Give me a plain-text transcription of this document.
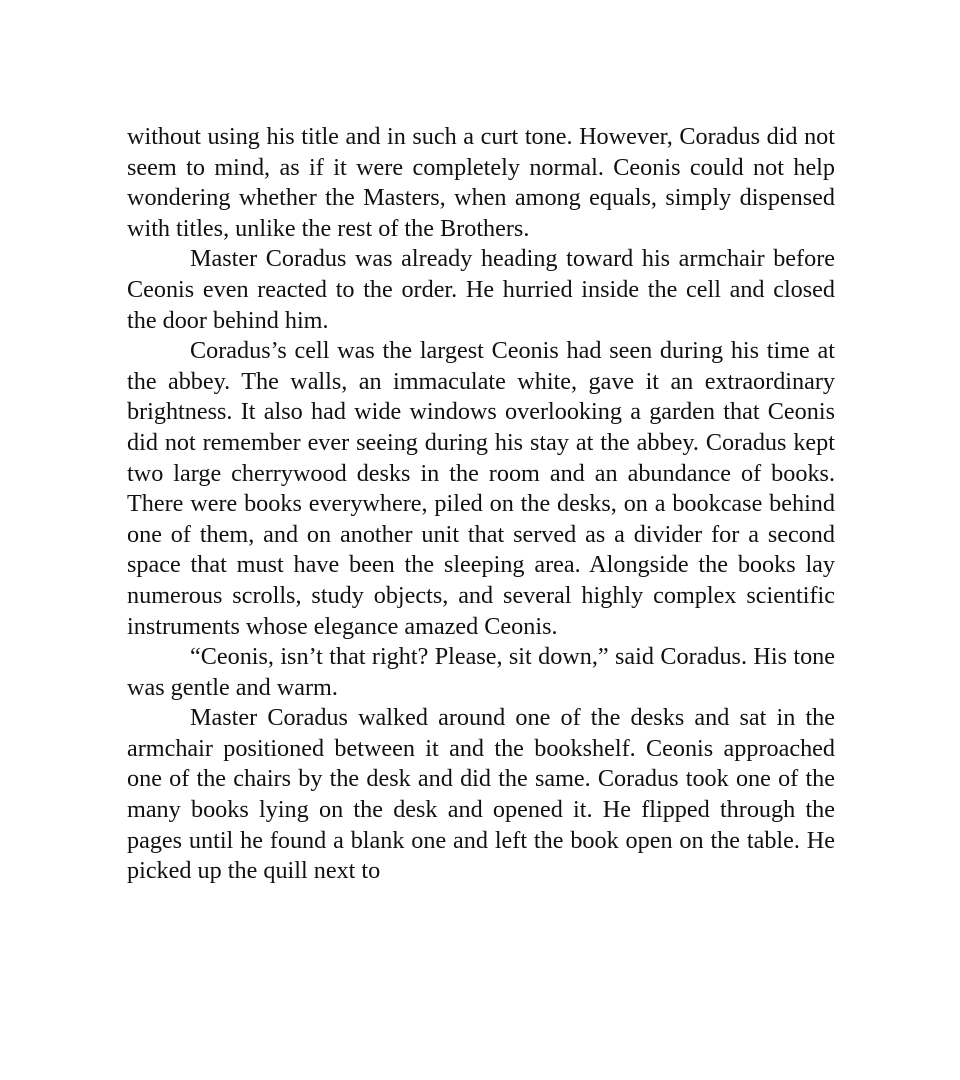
without using his title and in such a curt tone. However, Coradus did not seem to mind, as if it were completely normal. Ceonis could not help wondering whether the Masters, when among equals, simply dispensed with titles, unlike the rest of the Brothers.

Master Coradus was already heading toward his armchair before Ceonis even reacted to the order. He hurried inside the cell and closed the door behind him.

Coradus’s cell was the largest Ceonis had seen during his time at the abbey. The walls, an immaculate white, gave it an extraordinary brightness. It also had wide windows overlooking a garden that Ceonis did not remember ever seeing during his stay at the abbey. Coradus kept two large cherrywood desks in the room and an abundance of books. There were books everywhere, piled on the desks, on a bookcase behind one of them, and on another unit that served as a divider for a second space that must have been the sleeping area. Alongside the books lay numerous scrolls, study objects, and several highly complex scientific instruments whose elegance amazed Ceonis.

“Ceonis, isn’t that right? Please, sit down,” said Coradus. His tone was gentle and warm.

Master Coradus walked around one of the desks and sat in the armchair positioned between it and the bookshelf. Ceonis approached one of the chairs by the desk and did the same. Coradus took one of the many books lying on the desk and opened it. He flipped through the pages until he found a blank one and left the book open on the table. He picked up the quill next to
